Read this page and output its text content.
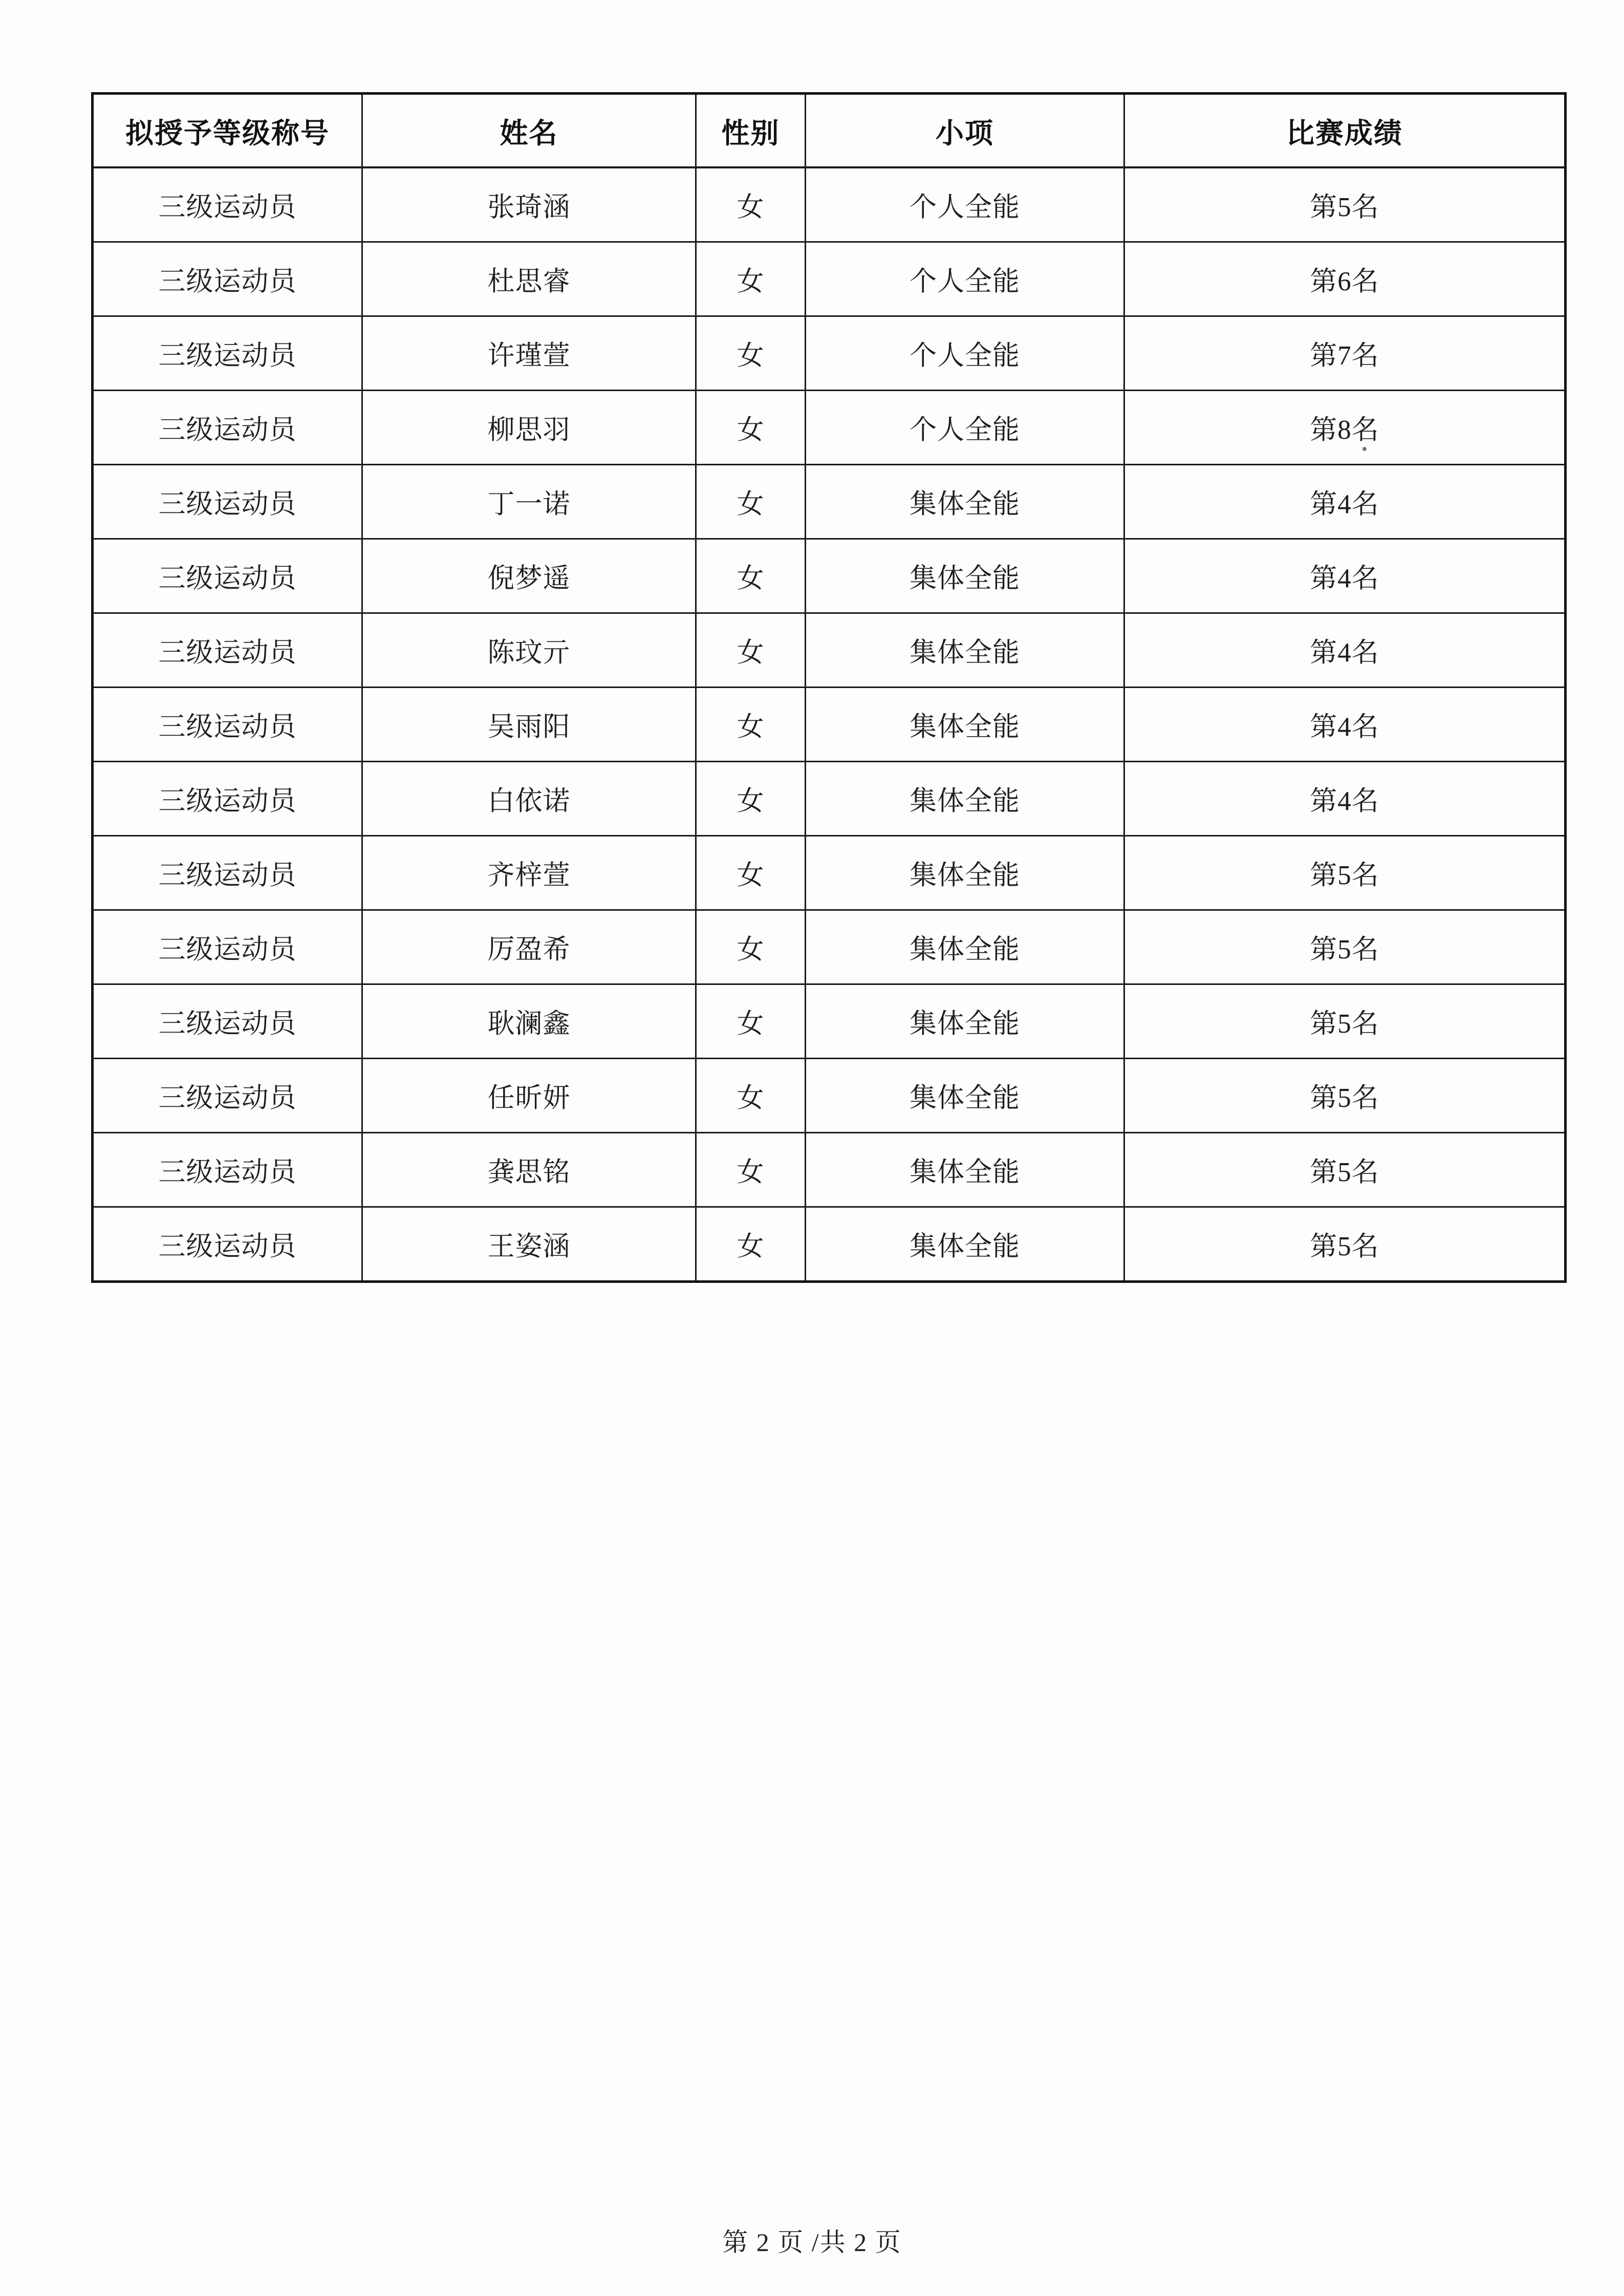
拟授予等级称号	姓名	性别	小项	比赛成绩
三级运动员	张琦涵	女	个人全能	第5名
三级运动员	杜思睿	女	个人全能	第6名
三级运动员	许瑾萱	女	个人全能	第7名
三级运动员	柳思羽	女	个人全能	第8名
三级运动员	丁一诺	女	集体全能	第4名
三级运动员	倪梦遥	女	集体全能	第4名
三级运动员	陈玟亓	女	集体全能	第4名
三级运动员	吴雨阳	女	集体全能	第4名
三级运动员	白依诺	女	集体全能	第4名
三级运动员	齐梓萱	女	集体全能	第5名
三级运动员	厉盈希	女	集体全能	第5名
三级运动员	耿澜鑫	女	集体全能	第5名
三级运动员	任昕妍	女	集体全能	第5名
三级运动员	龚思铭	女	集体全能	第5名
三级运动员	王姿涵	女	集体全能	第5名
第 2 页 /共 2 页
